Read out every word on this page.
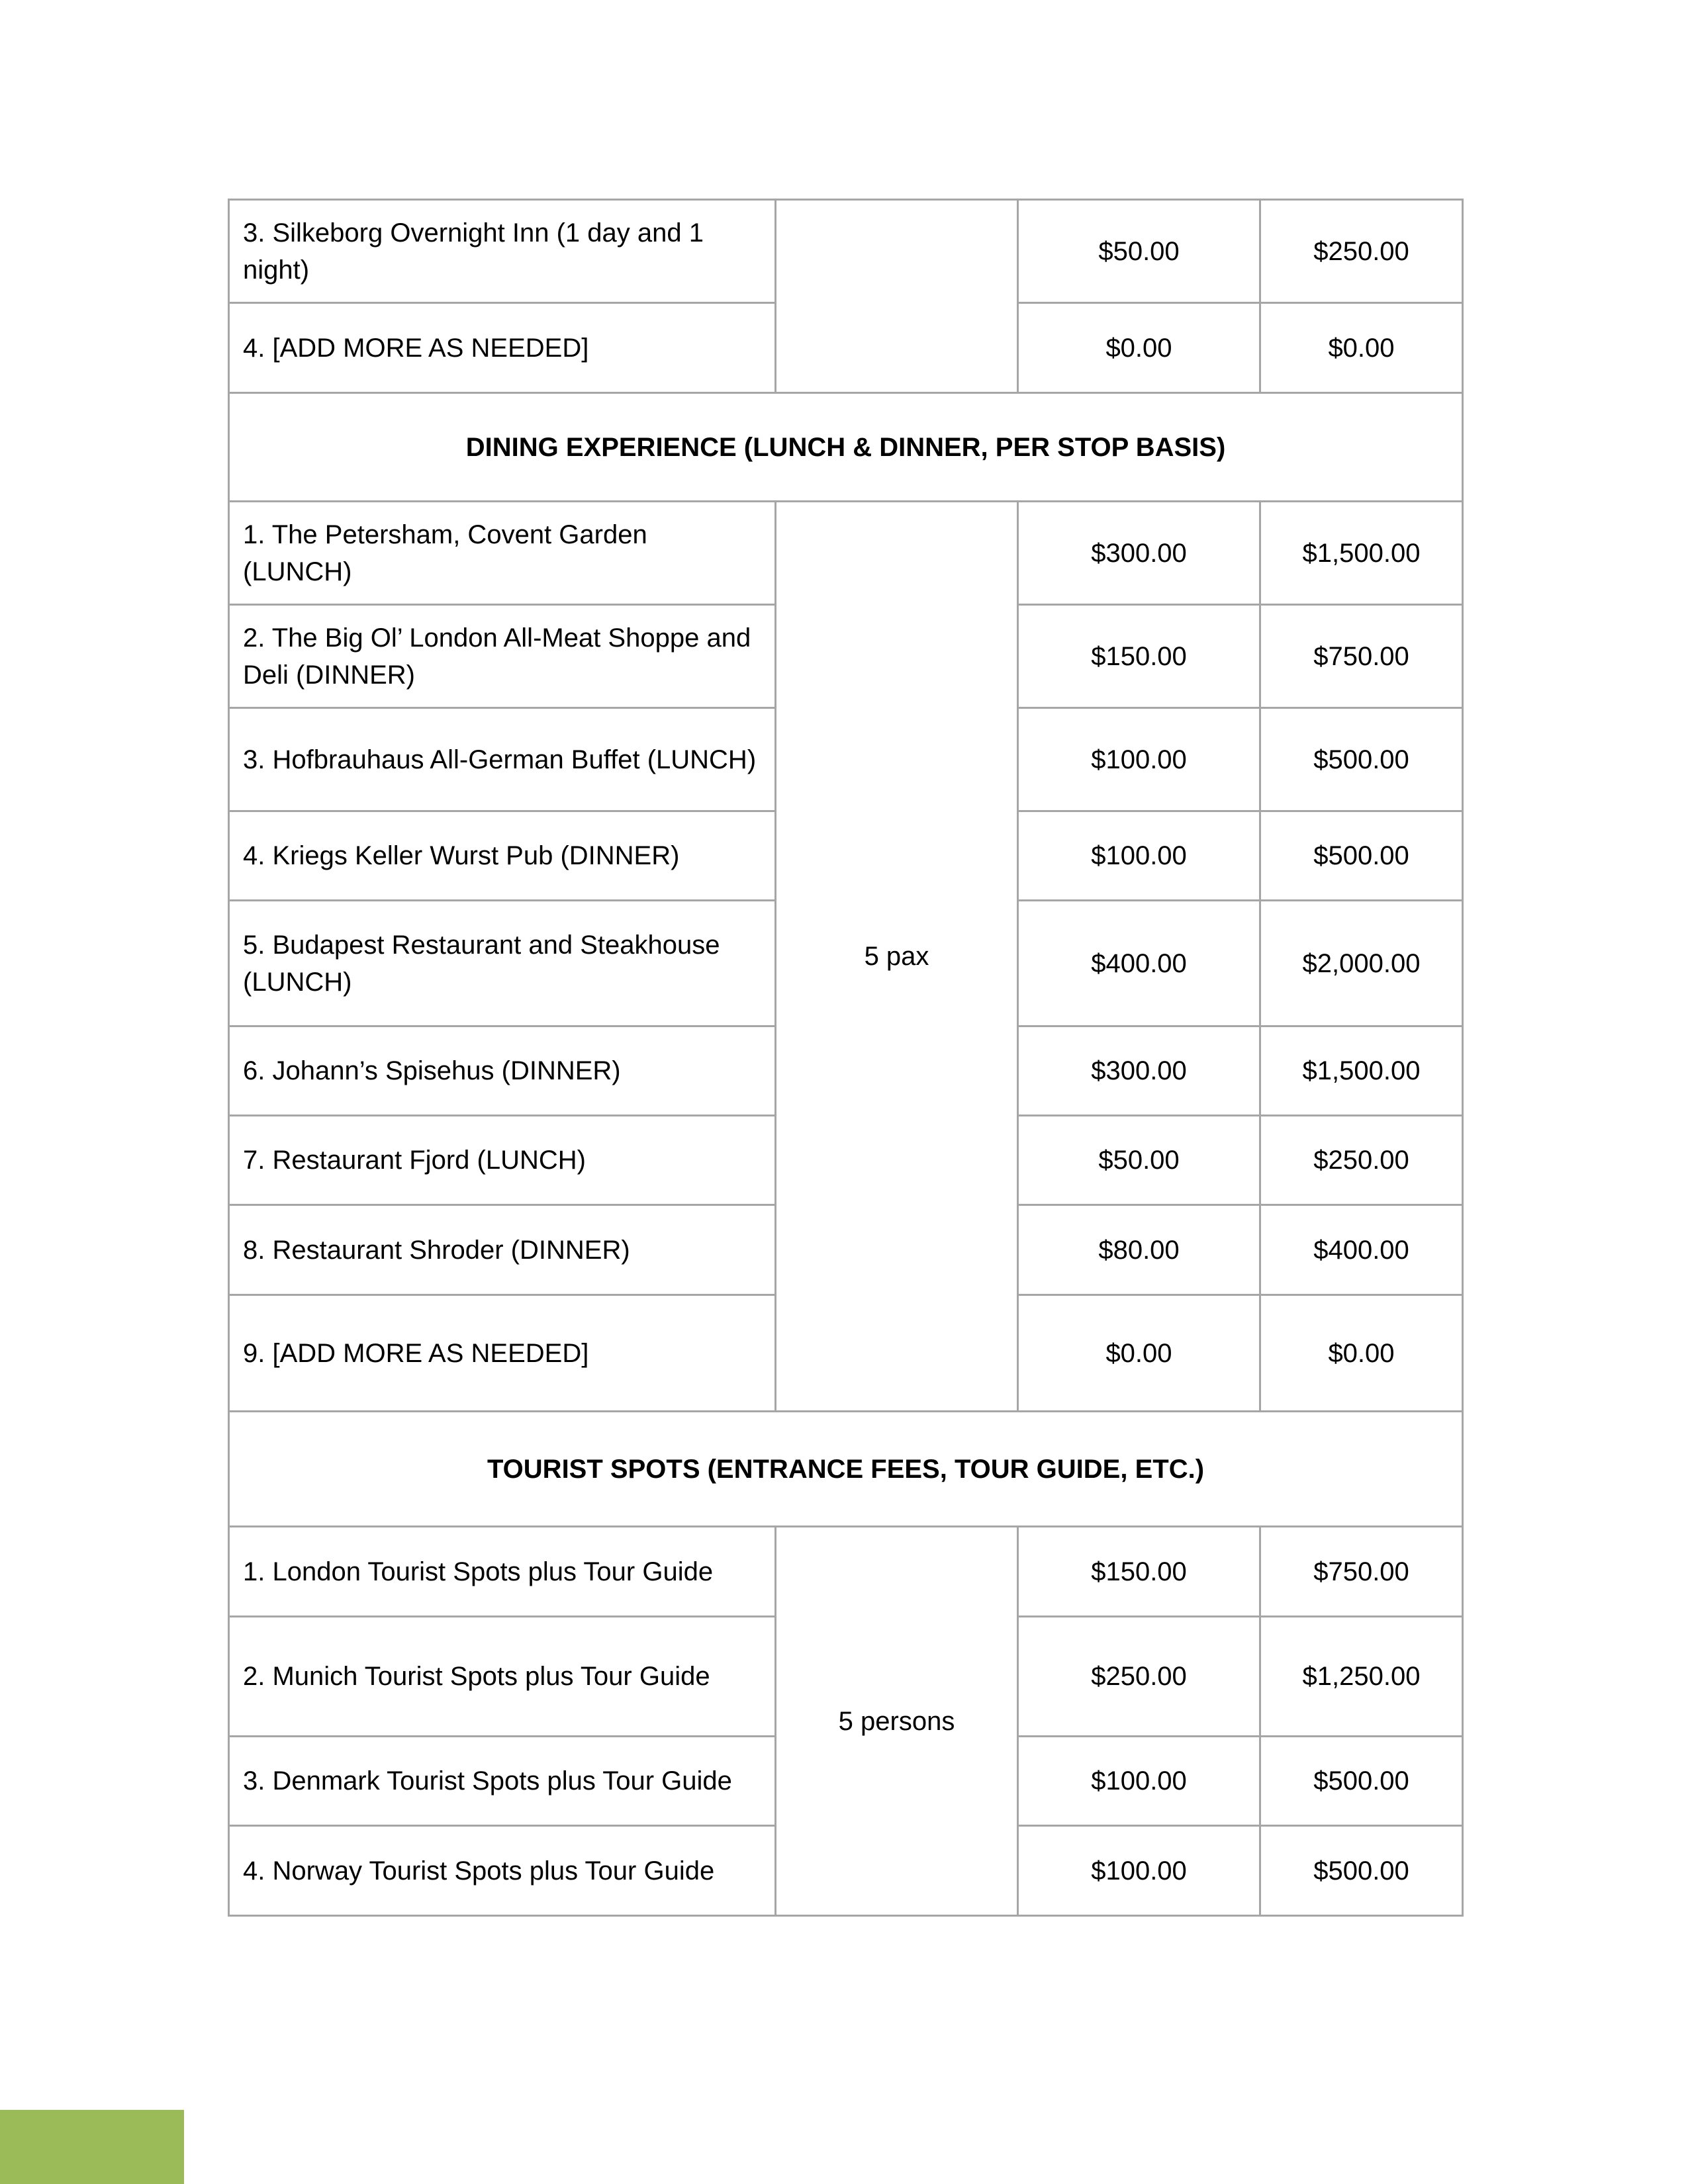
3. Silkeborg Overnight Inn (1 day and 1 night)		$50.00	$250.00
4. [ADD MORE AS NEEDED]		$0.00	$0.00
DINING EXPERIENCE (LUNCH & DINNER, PER STOP BASIS)			
1. The Petersham, Covent Garden (LUNCH)	5 pax	$300.00	$1,500.00
2. The Big Ol’ London All-Meat Shoppe and Deli (DINNER)		$150.00	$750.00
3. Hofbrauhaus All-German Buffet (LUNCH)		$100.00	$500.00
4. Kriegs Keller Wurst Pub (DINNER)		$100.00	$500.00
5. Budapest Restaurant and Steakhouse (LUNCH)		$400.00	$2,000.00
6. Johann’s Spisehus (DINNER)		$300.00	$1,500.00
7. Restaurant Fjord (LUNCH)		$50.00	$250.00
8. Restaurant Shroder (DINNER)		$80.00	$400.00
9. [ADD MORE AS NEEDED]		$0.00	$0.00
TOURIST SPOTS (ENTRANCE FEES, TOUR GUIDE, ETC.)			
1. London Tourist Spots plus Tour Guide	5 persons	$150.00	$750.00
2. Munich Tourist Spots plus Tour Guide		$250.00	$1,250.00
3. Denmark Tourist Spots plus Tour Guide		$100.00	$500.00
4. Norway Tourist Spots plus Tour Guide		$100.00	$500.00
